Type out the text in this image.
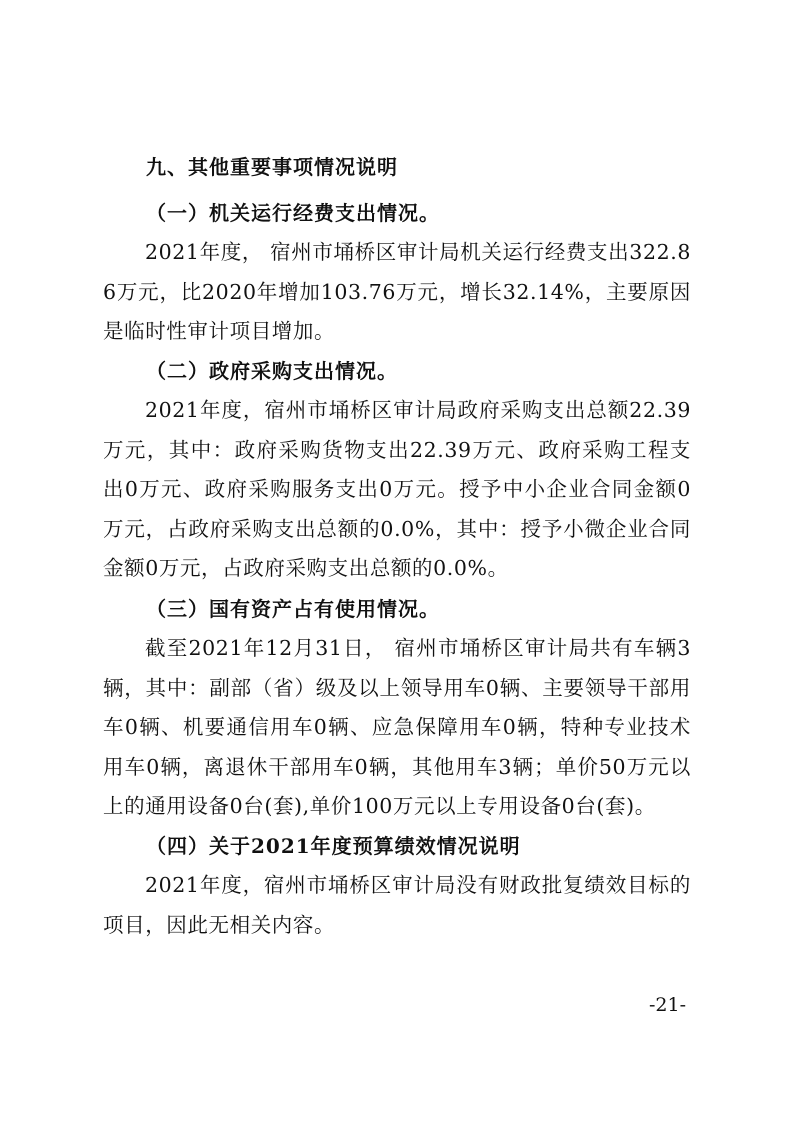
九、其他重要事项情况说明
（一）机关运行经费支出情况。
2021年度， 宿州市埇桥区审计局机关运行经费支出322.86万元，比2020年增加103.76万元，增长32.14%，主要原因是临时性审计项目增加。
（二）政府采购支出情况。
2021年度，宿州市埇桥区审计局政府采购支出总额22.39万元，其中：政府采购货物支出22.39万元、政府采购工程支出0万元、政府采购服务支出0万元。授予中小企业合同金额0万元，占政府采购支出总额的0.0%，其中：授予小微企业合同金额0万元，占政府采购支出总额的0.0%。
（三）国有资产占有使用情况。
截至2021年12月31日， 宿州市埇桥区审计局共有车辆3辆，其中：副部（省）级及以上领导用车0辆、主要领导干部用车0辆、机要通信用车0辆、应急保障用车0辆，特种专业技术用车0辆，离退休干部用车0辆，其他用车3辆；单价50万元以上的通用设备0台(套),单价100万元以上专用设备0台(套)。
（四）关于2021年度预算绩效情况说明
2021年度，宿州市埇桥区审计局没有财政批复绩效目标的项目，因此无相关内容。
-21-
